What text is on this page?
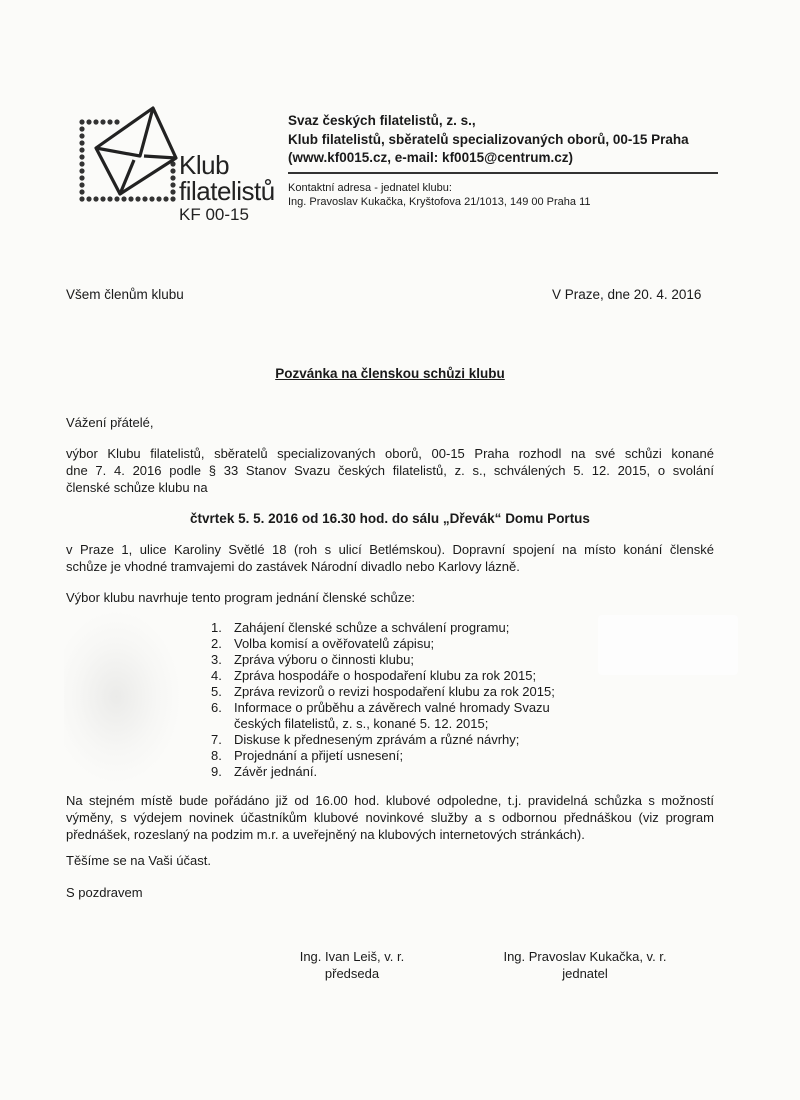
Klub
filatelistů
KF 00-15
Svaz českých filatelistů, z. s.,
Klub filatelistů, sběratelů specializovaných oborů, 00-15 Praha
(www.kf0015.cz, e-mail: kf0015@centrum.cz)
Kontaktní adresa - jednatel klubu:
Ing. Pravoslav Kukačka, Kryštofova 21/1013, 149 00 Praha 11
Všem členům klubu	V Praze, dne 20. 4. 2016
Pozvánka na členskou schůzi klubu
Vážení přátelé,
výbor Klubu filatelistů, sběratelů specializovaných oborů, 00-15 Praha rozhodl na své schůzi konané
dne 7. 4. 2016 podle § 33 Stanov Svazu českých filatelistů, z. s., schválených 5. 12. 2015, o svolání
členské schůze klubu na
čtvrtek 5. 5. 2016 od 16.30 hod. do sálu „Dřevák“ Domu Portus
v Praze 1, ulice Karoliny Světlé 18 (roh s ulicí Betlémskou). Dopravní spojení na místo konání členské
schůze je vhodné tramvajemi do zastávek Národní divadlo nebo Karlovy lázně.
Výbor klubu navrhuje tento program jednání členské schůze:
1. Zahájení členské schůze a schválení programu;
2. Volba komisí a ověřovatelů zápisu;
3. Zpráva výboru o činnosti klubu;
4. Zpráva hospodáře o hospodaření klubu za rok 2015;
5. Zpráva revizorů o revizi hospodaření klubu za rok 2015;
6. Informace o průběhu a závěrech valné hromady Svazu
českých filatelistů, z. s., konané 5. 12. 2015;
7. Diskuse k předneseným zprávám a různé návrhy;
8. Projednání a přijetí usnesení;
9. Závěr jednání.
Na stejném místě bude pořádáno již od 16.00 hod. klubové odpoledne, t.j. pravidelná schůzka s možností
výměny, s výdejem novinek účastníkům klubové novinkové služby a s odbornou přednáškou (viz program
přednášek, rozeslaný na podzim m.r. a uveřejněný na klubových internetových stránkách).
Těšíme se na Vaši účast.
S pozdravem
Ing. Ivan Leiš, v. r.
předseda
Ing. Pravoslav Kukačka, v. r.
jednatel
